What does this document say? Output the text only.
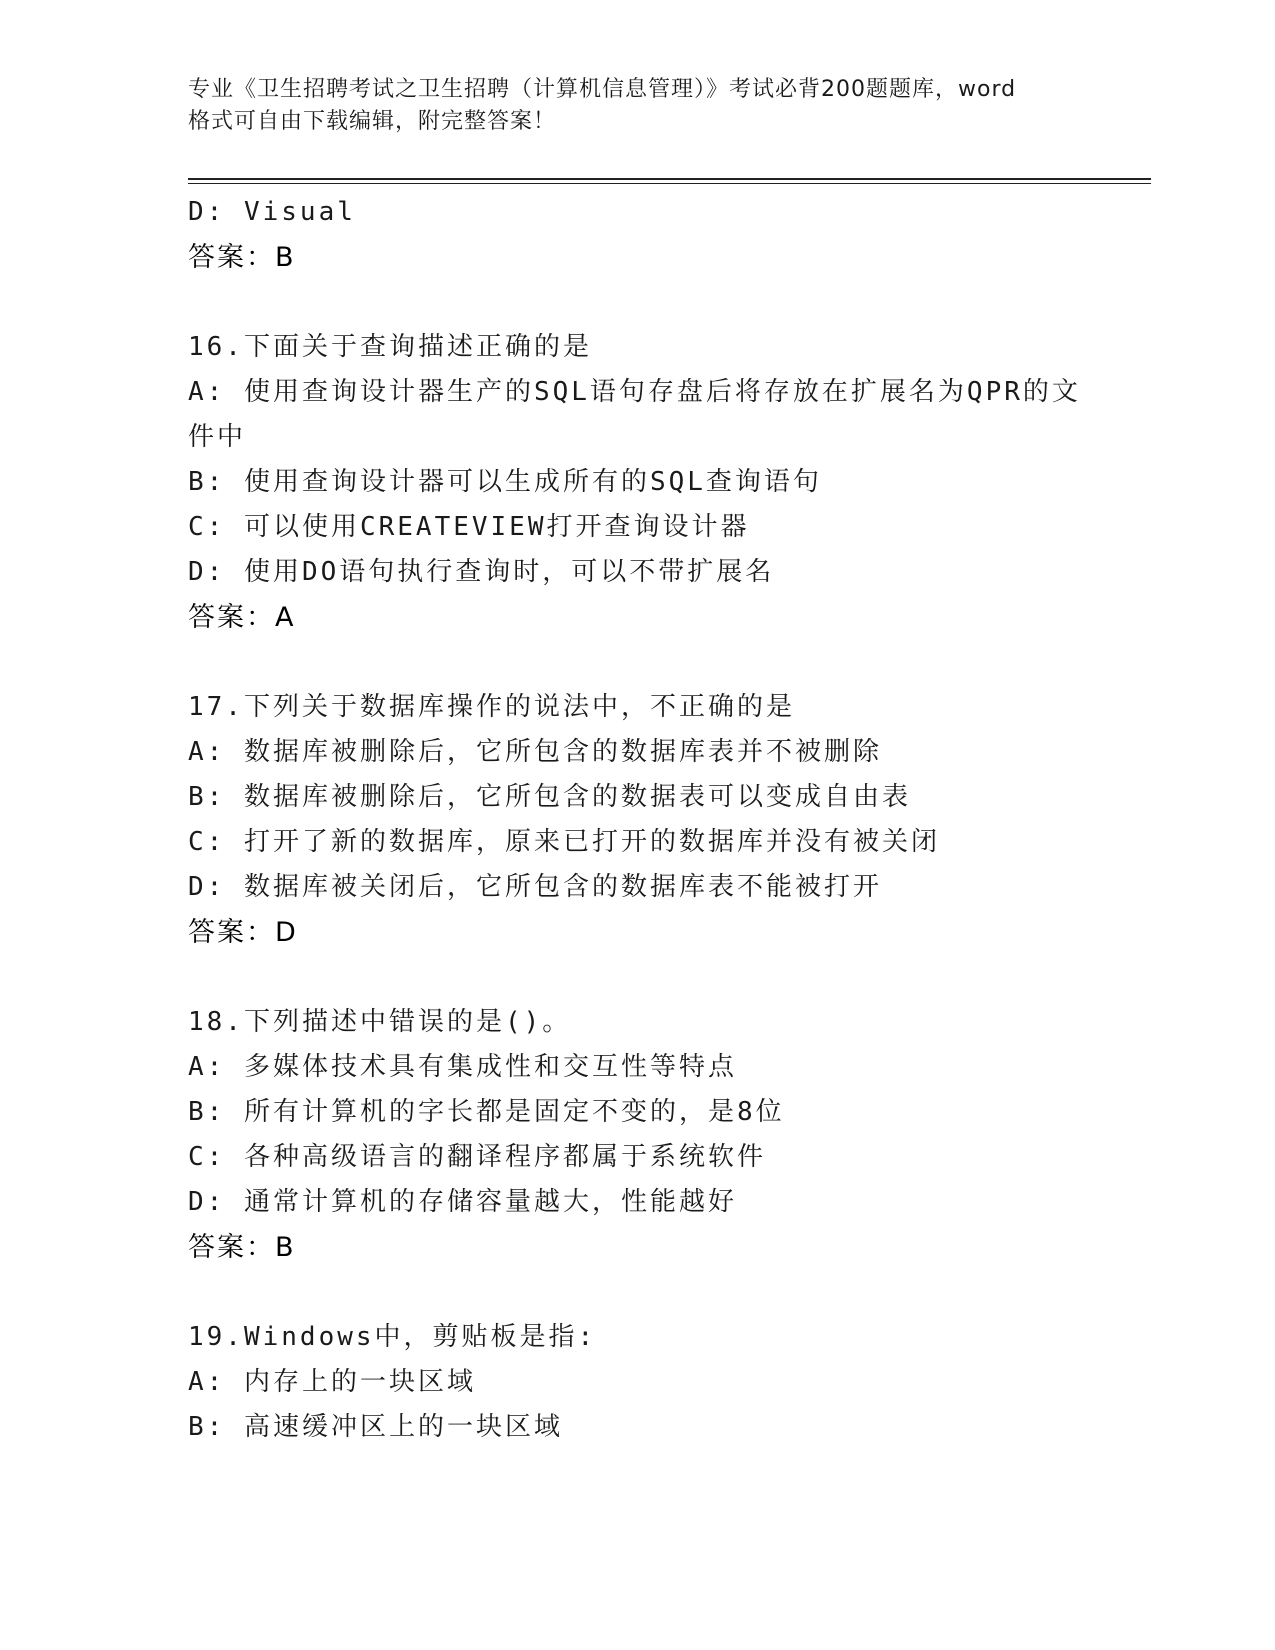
专业《卫生招聘考试之卫生招聘（计算机信息管理）》考试必背200题题库，word
格式可自由下载编辑，附完整答案！
D: Visual
答案：B
16.下面关于查询描述正确的是
A: 使用查询设计器生产的SQL语句存盘后将存放在扩展名为QPR的文
件中
B: 使用查询设计器可以生成所有的SQL查询语句
C: 可以使用CREATEVIEW打开查询设计器
D: 使用DO语句执行查询时，可以不带扩展名
答案：A
17.下列关于数据库操作的说法中，不正确的是
A: 数据库被删除后，它所包含的数据库表并不被删除
B: 数据库被删除后，它所包含的数据表可以变成自由表
C: 打开了新的数据库，原来已打开的数据库并没有被关闭
D: 数据库被关闭后，它所包含的数据库表不能被打开
答案：D
18.下列描述中错误的是()。
A: 多媒体技术具有集成性和交互性等特点
B: 所有计算机的字长都是固定不变的，是8位
C: 各种高级语言的翻译程序都属于系统软件
D: 通常计算机的存储容量越大，性能越好
答案：B
19.Windows中，剪贴板是指:
A: 内存上的一块区域
B: 高速缓冲区上的一块区域
